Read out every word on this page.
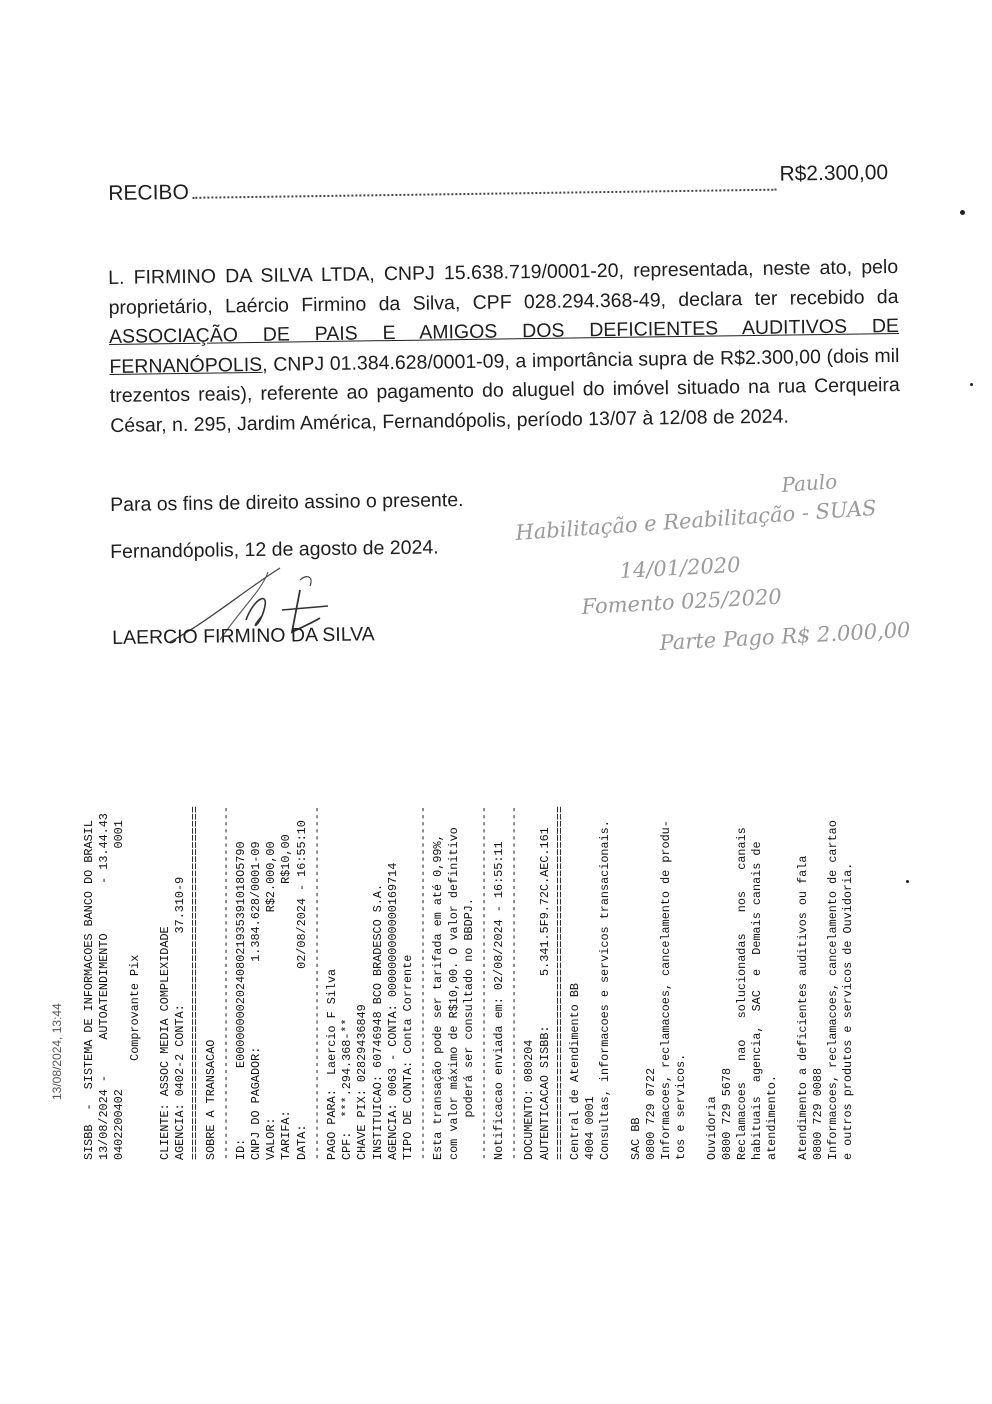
RECIBO
R$2.300,00
L. FIRMINO DA SILVA LTDA, CNPJ 15.638.719/0001-20, representada, neste ato, pelo proprietário, Laércio Firmino da Silva, CPF 028.294.368-49, declara ter recebido da ASSOCIAÇÃO DE PAIS E AMIGOS DOS DEFICIENTES AUDITIVOS DE FERNANÓPOLIS, CNPJ 01.384.628/0001-09, a importância supra de R$2.300,00 (dois mil trezentos reais), referente ao pagamento do aluguel do imóvel situado na rua Cerqueira César, n. 295, Jardim América, Fernandópolis, período 13/07 à 12/08 de 2024.
Para os fins de direito assino o presente.
Fernandópolis, 12 de agosto de 2024.
LAERCIO FIRMINO DA SILVA
Paulo
Habilitação e Reabilitação - SUAS
14/01/2020
Fomento 025/2020
Parte Pago R$ 2.000,00
13/08/2024, 13:44 SISBB  -  SISTEMA DE INFORMACOES BANCO DO BRASIL 13/08/2024 -     AUTOATENDIMENTO       - 13.44.43 0402200402                                  0001 Comprovante Pix
CLIENTE: ASSOC MEDIA COMPLEXIDADE AGENCIA: 0402-2 CONTA:          37.310-9 ================================================== SOBRE A TRANSACAO -------------------------------------------------- ID:          E00000000202408021935391018O5790 CNPJ DO PAGADOR:            1.384.628/0001-09 VALOR:                             R$2.000,00 TARIFA:                                R$10,00 DATA:                      02/08/2024 - 16:55:10 -------------------------------------------------- PAGO PARA:  Laercio F Silva CPF:  ***.294.368-** CHAVE PIX: 02829436849 INSTITUICAO: 60746948 BCO BRADESCO S.A. AGENCIA: 0063 - CONTA: 0000000000000169714 TIPO DE CONTA: Conta Corrente -------------------------------------------------- Esta transação pode ser tarifada em até 0,99%, com valor máximo de R$10,00. O valor definitivo poderá ser consultado no BBDPJ. -------------------------------------------------- Notificacao enviada em: 02/08/2024 - 16:55:11 -------------------------------------------------- DOCUMENTO: 080204 AUTENTICACAO SISBB:       5.341.5F9.72C.AEC.161 ================================================== Central de Atendimento BB 4004 0001 Consultas, informacoes e servicos transacionais.
SAC BB 0800 729 0722 Informacoes, reclamacoes, cancelamento de produ- tos e servicos.
Ouvidoria 0800 729 5678 Reclamacoes   nao   solucionadas   nos   canais habituais  agencia,  SAC  e  Demais canais de atendimento.
Atendimento a deficientes auditivos ou fala 0800 729 0088 Informacoes, reclamacoes, cancelamento de cartao e outros produtos e servicos de Ouvidoria.
